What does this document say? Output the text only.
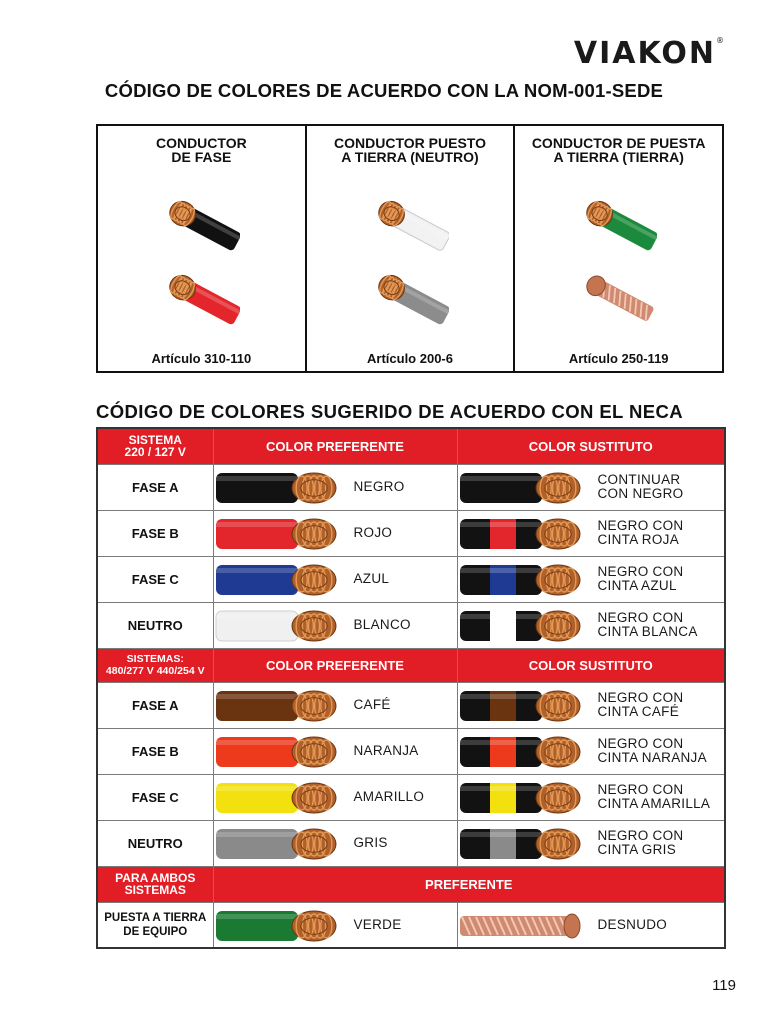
VIAKON®
CÓDIGO DE COLORES DE ACUERDO CON LA NOM-001-SEDE
CONDUCTOR
DE FASE
Artículo 310-110
CONDUCTOR PUESTO
A TIERRA (NEUTRO)
Artículo 200-6
CONDUCTOR DE PUESTA
A TIERRA (TIERRA)
Artículo 250-119
CÓDIGO DE COLORES SUGERIDO DE ACUERDO CON EL NECA
SISTEMA
220 / 127 V	COLOR PREFERENTE	COLOR SUSTITUTO
FASE A	NEGRO	CONTINUAR
CON NEGRO

FASE B	ROJO	NEGRO CON
CINTA ROJA

FASE C	AZUL	NEGRO CON
CINTA AZUL

NEUTRO	BLANCO	NEGRO CON
CINTA BLANCA

SISTEMAS:
480/277 V 440/254 V	COLOR PREFERENTE	COLOR SUSTITUTO
FASE A	CAFÉ	NEGRO CON
CINTA CAFÉ

FASE B	NARANJA	NEGRO CON
CINTA NARANJA

FASE C	AMARILLO	NEGRO CON
CINTA AMARILLA

NEUTRO	GRIS	NEGRO CON
CINTA GRIS

PARA AMBOS
SISTEMAS	PREFERENTE	
PUESTA A TIERRA
DE EQUIPO	VERDE	DESNUDO
119
